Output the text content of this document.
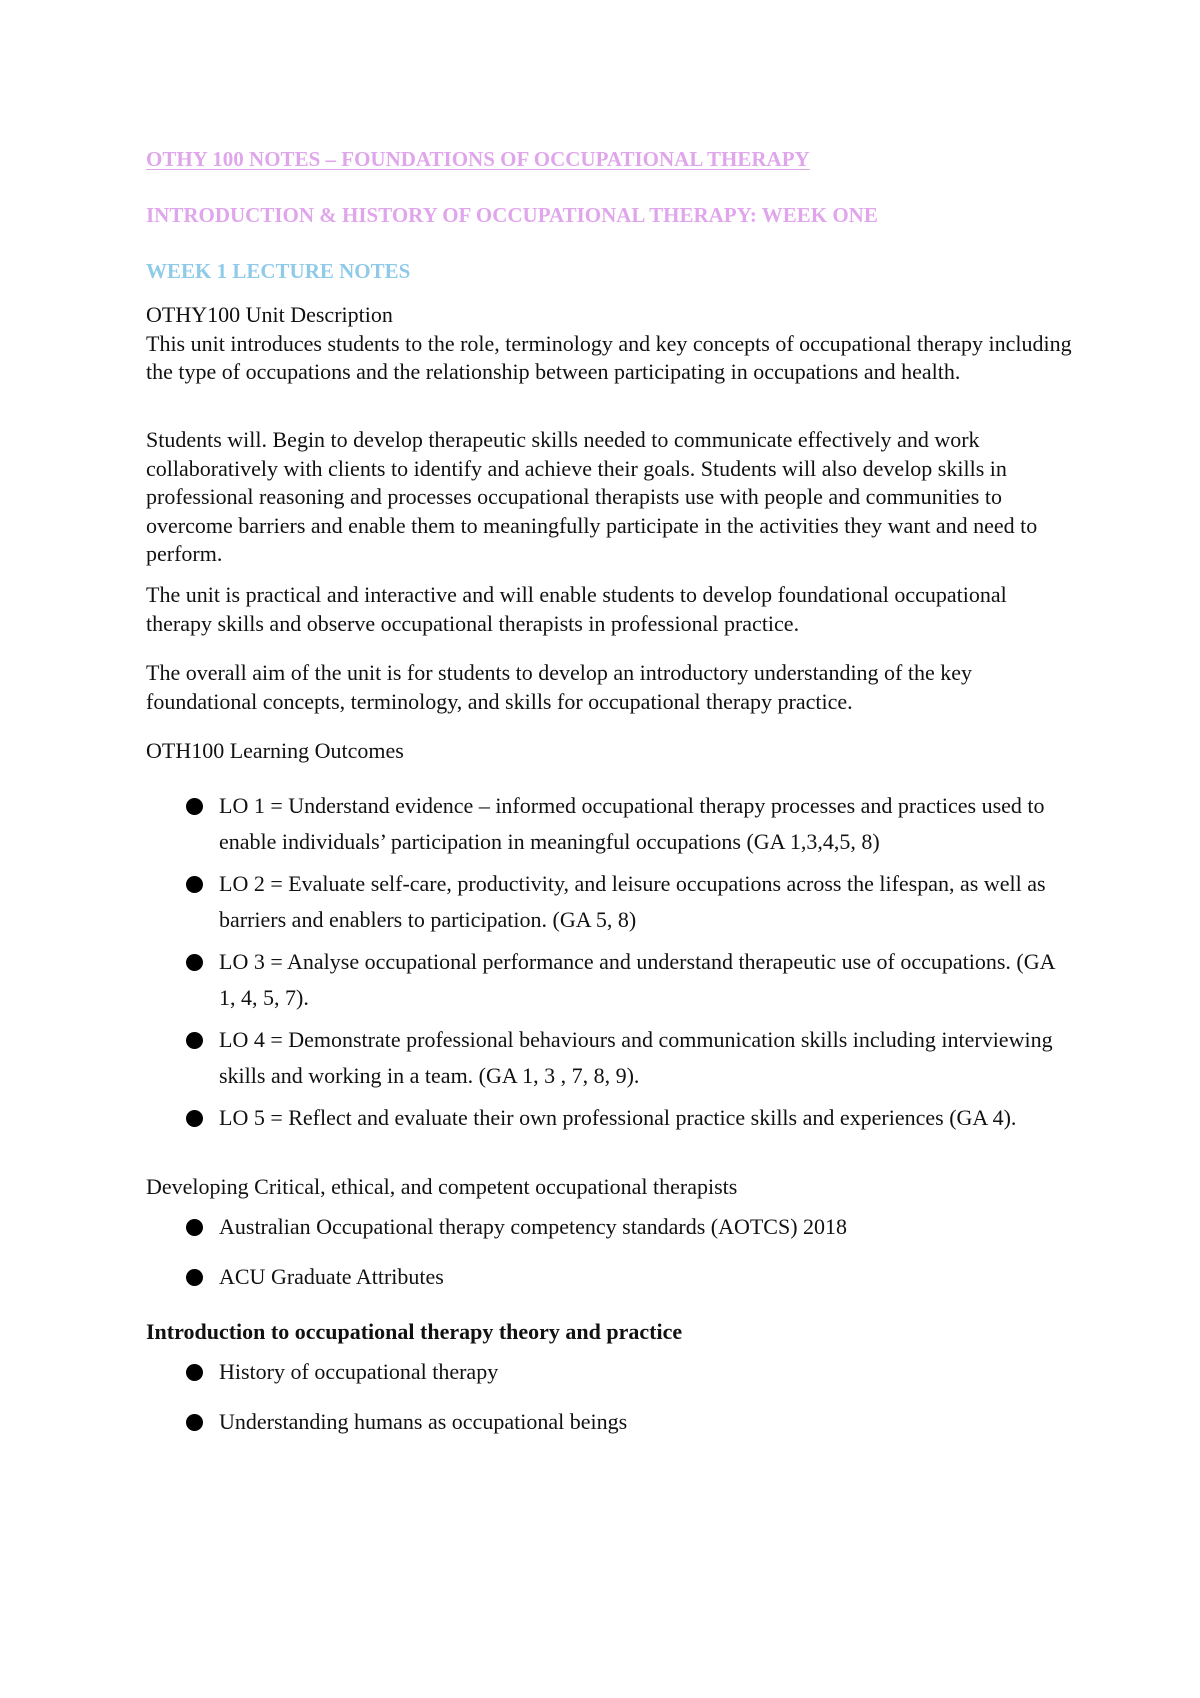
OTHY 100 NOTES – FOUNDATIONS OF OCCUPATIONAL THERAPY
INTRODUCTION & HISTORY OF OCCUPATIONAL THERAPY: WEEK ONE
WEEK 1 LECTURE NOTES
OTHY100 Unit Description
This unit introduces students to the role, terminology and key concepts of occupational therapy including the type of occupations and the relationship between participating in occupations and health.
Students will. Begin to develop therapeutic skills needed to communicate effectively and work collaboratively with clients to identify and achieve their goals. Students will also develop skills in professional reasoning and processes occupational therapists use with people and communities to overcome barriers and enable them to meaningfully participate in the activities they want and need to perform.
The unit is practical and interactive and will enable students to develop foundational occupational therapy skills and observe occupational therapists in professional practice.
The overall aim of the unit is for students to develop an introductory understanding of the key foundational concepts, terminology, and skills for occupational therapy practice.
OTH100 Learning Outcomes
LO 1 = Understand evidence – informed occupational therapy processes and practices used to enable individuals’ participation in meaningful occupations (GA 1,3,4,5, 8)
LO 2 = Evaluate self-care, productivity, and leisure occupations across the lifespan, as well as barriers and enablers to participation. (GA 5, 8)
LO 3 = Analyse occupational performance and understand therapeutic use of occupations. (GA 1, 4, 5, 7).
LO 4 = Demonstrate professional behaviours and communication skills including interviewing skills and working in a team. (GA 1, 3 , 7, 8, 9).
LO 5 = Reflect and evaluate their own professional practice skills and experiences (GA 4).
Developing Critical, ethical, and competent occupational therapists
Australian Occupational therapy competency standards (AOTCS) 2018
ACU Graduate Attributes
Introduction to occupational therapy theory and practice
History of occupational therapy
Understanding humans as occupational beings
